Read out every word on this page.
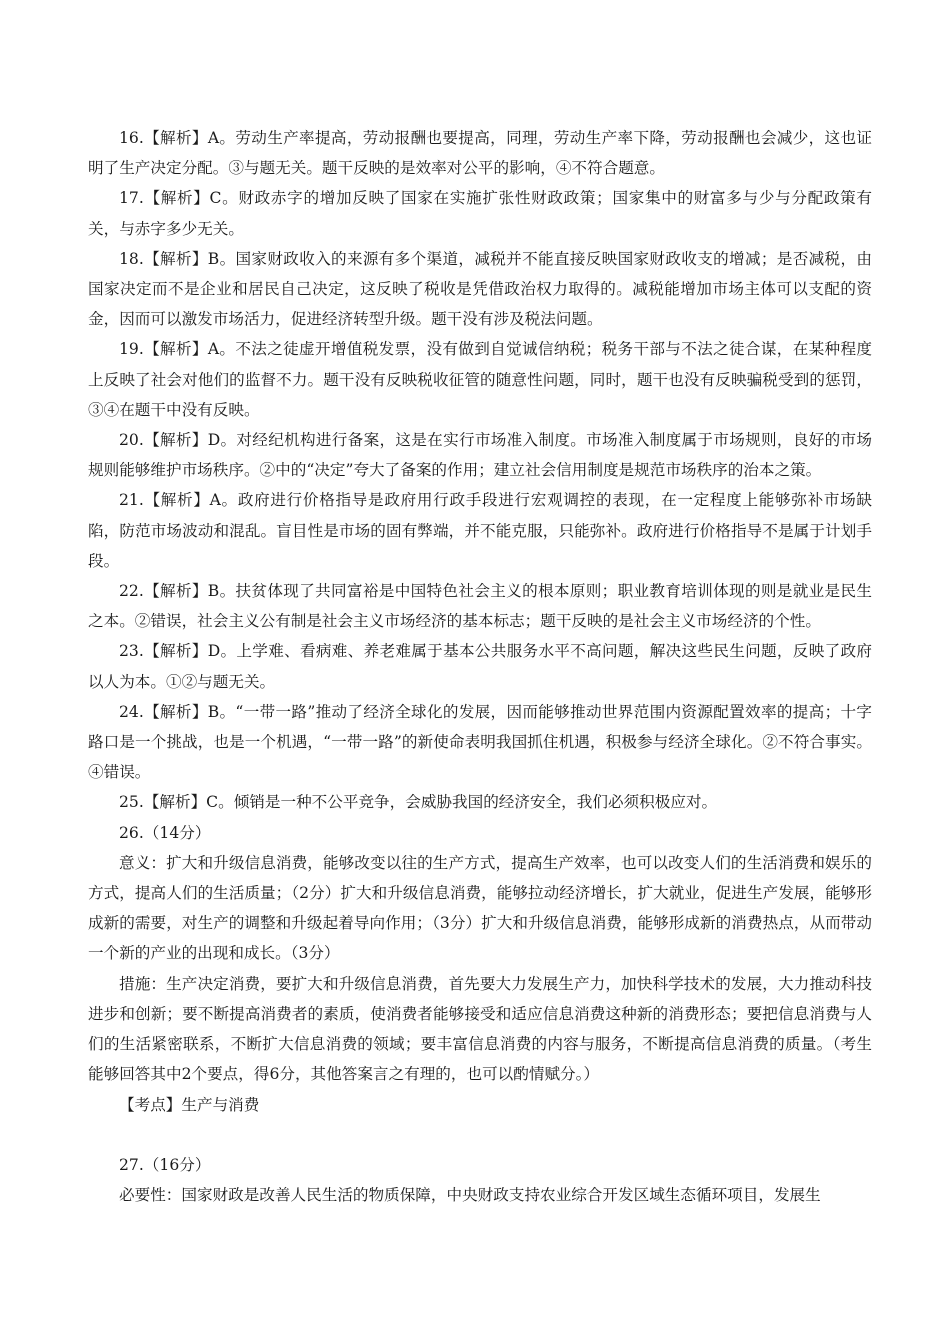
16.【解析】A。劳动生产率提高，劳动报酬也要提高，同理，劳动生产率下降，劳动报酬也会减少，这也证明了生产决定分配。③与题无关。题干反映的是效率对公平的影响，④不符合题意。

17.【解析】C。财政赤字的增加反映了国家在实施扩张性财政政策；国家集中的财富多与少与分配政策有关，与赤字多少无关。

18.【解析】B。国家财政收入的来源有多个渠道，减税并不能直接反映国家财政收支的增减；是否减税，由国家决定而不是企业和居民自己决定，这反映了税收是凭借政治权力取得的。减税能增加市场主体可以支配的资金，因而可以激发市场活力，促进经济转型升级。题干没有涉及税法问题。

19.【解析】A。不法之徒虚开增值税发票，没有做到自觉诚信纳税；税务干部与不法之徒合谋，在某种程度上反映了社会对他们的监督不力。题干没有反映税收征管的随意性问题，同时，题干也没有反映骗税受到的惩罚，③④在题干中没有反映。

20.【解析】D。对经纪机构进行备案，这是在实行市场准入制度。市场准入制度属于市场规则，良好的市场规则能够维护市场秩序。②中的“决定”夸大了备案的作用；建立社会信用制度是规范市场秩序的治本之策。

21.【解析】A。政府进行价格指导是政府用行政手段进行宏观调控的表现，在一定程度上能够弥补市场缺陷，防范市场波动和混乱。盲目性是市场的固有弊端，并不能克服，只能弥补。政府进行价格指导不是属于计划手段。

22.【解析】B。扶贫体现了共同富裕是中国特色社会主义的根本原则；职业教育培训体现的则是就业是民生之本。②错误，社会主义公有制是社会主义市场经济的基本标志；题干反映的是社会主义市场经济的个性。

23.【解析】D。上学难、看病难、养老难属于基本公共服务水平不高问题，解决这些民生问题，反映了政府以人为本。①②与题无关。

24.【解析】B。“一带一路”推动了经济全球化的发展，因而能够推动世界范围内资源配置效率的提高；十字路口是一个挑战，也是一个机遇，“一带一路”的新使命表明我国抓住机遇，积极参与经济全球化。②不符合事实。④错误。

25.【解析】C。倾销是一种不公平竞争，会威胁我国的经济安全，我们必须积极应对。

26.（14分）

意义：扩大和升级信息消费，能够改变以往的生产方式，提高生产效率，也可以改变人们的生活消费和娱乐的方式，提高人们的生活质量；（2分）扩大和升级信息消费，能够拉动经济增长，扩大就业，促进生产发展，能够形成新的需要，对生产的调整和升级起着导向作用；（3分）扩大和升级信息消费，能够形成新的消费热点，从而带动一个新的产业的出现和成长。（3分）

措施：生产决定消费，要扩大和升级信息消费，首先要大力发展生产力，加快科学技术的发展，大力推动科技进步和创新；要不断提高消费者的素质，使消费者能够接受和适应信息消费这种新的消费形态；要把信息消费与人们的生活紧密联系，不断扩大信息消费的领域；要丰富信息消费的内容与服务，不断提高信息消费的质量。（考生能够回答其中2个要点，得6分，其他答案言之有理的，也可以酌情赋分。）

【考点】生产与消费

27.（16分）

必要性：国家财政是改善人民生活的物质保障，中央财政支持农业综合开发区域生态循环项目，发展生
